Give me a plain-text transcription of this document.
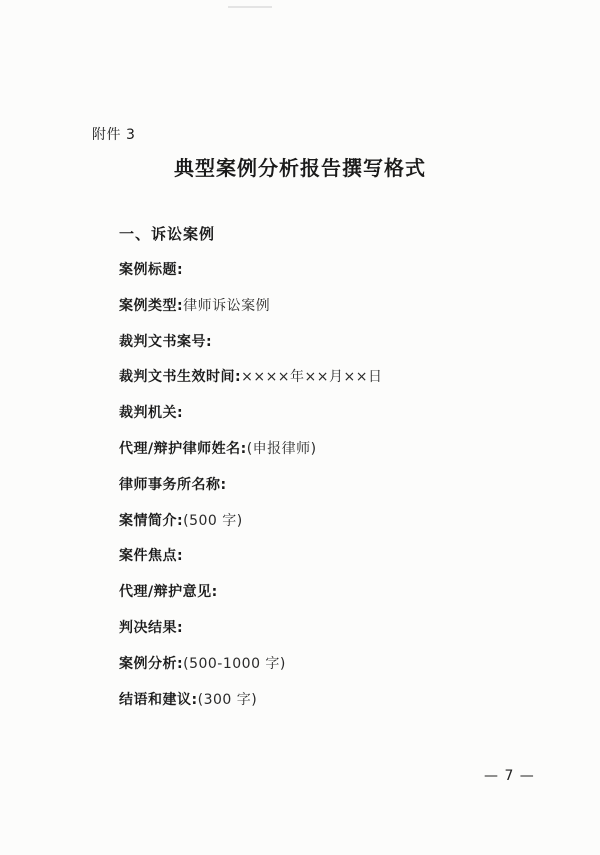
附件 3
典型案例分析报告撰写格式
一、诉讼案例
案例标题:
案例类型:律师诉讼案例
裁判文书案号:
裁判文书生效时间:××××年××月××日
裁判机关:
代理/辩护律师姓名:(申报律师)
律师事务所名称:
案情简介:(500 字)
案件焦点:
代理/辩护意见:
判决结果:
案例分析:(500-1000 字)
结语和建议:(300 字)
— 7 —
